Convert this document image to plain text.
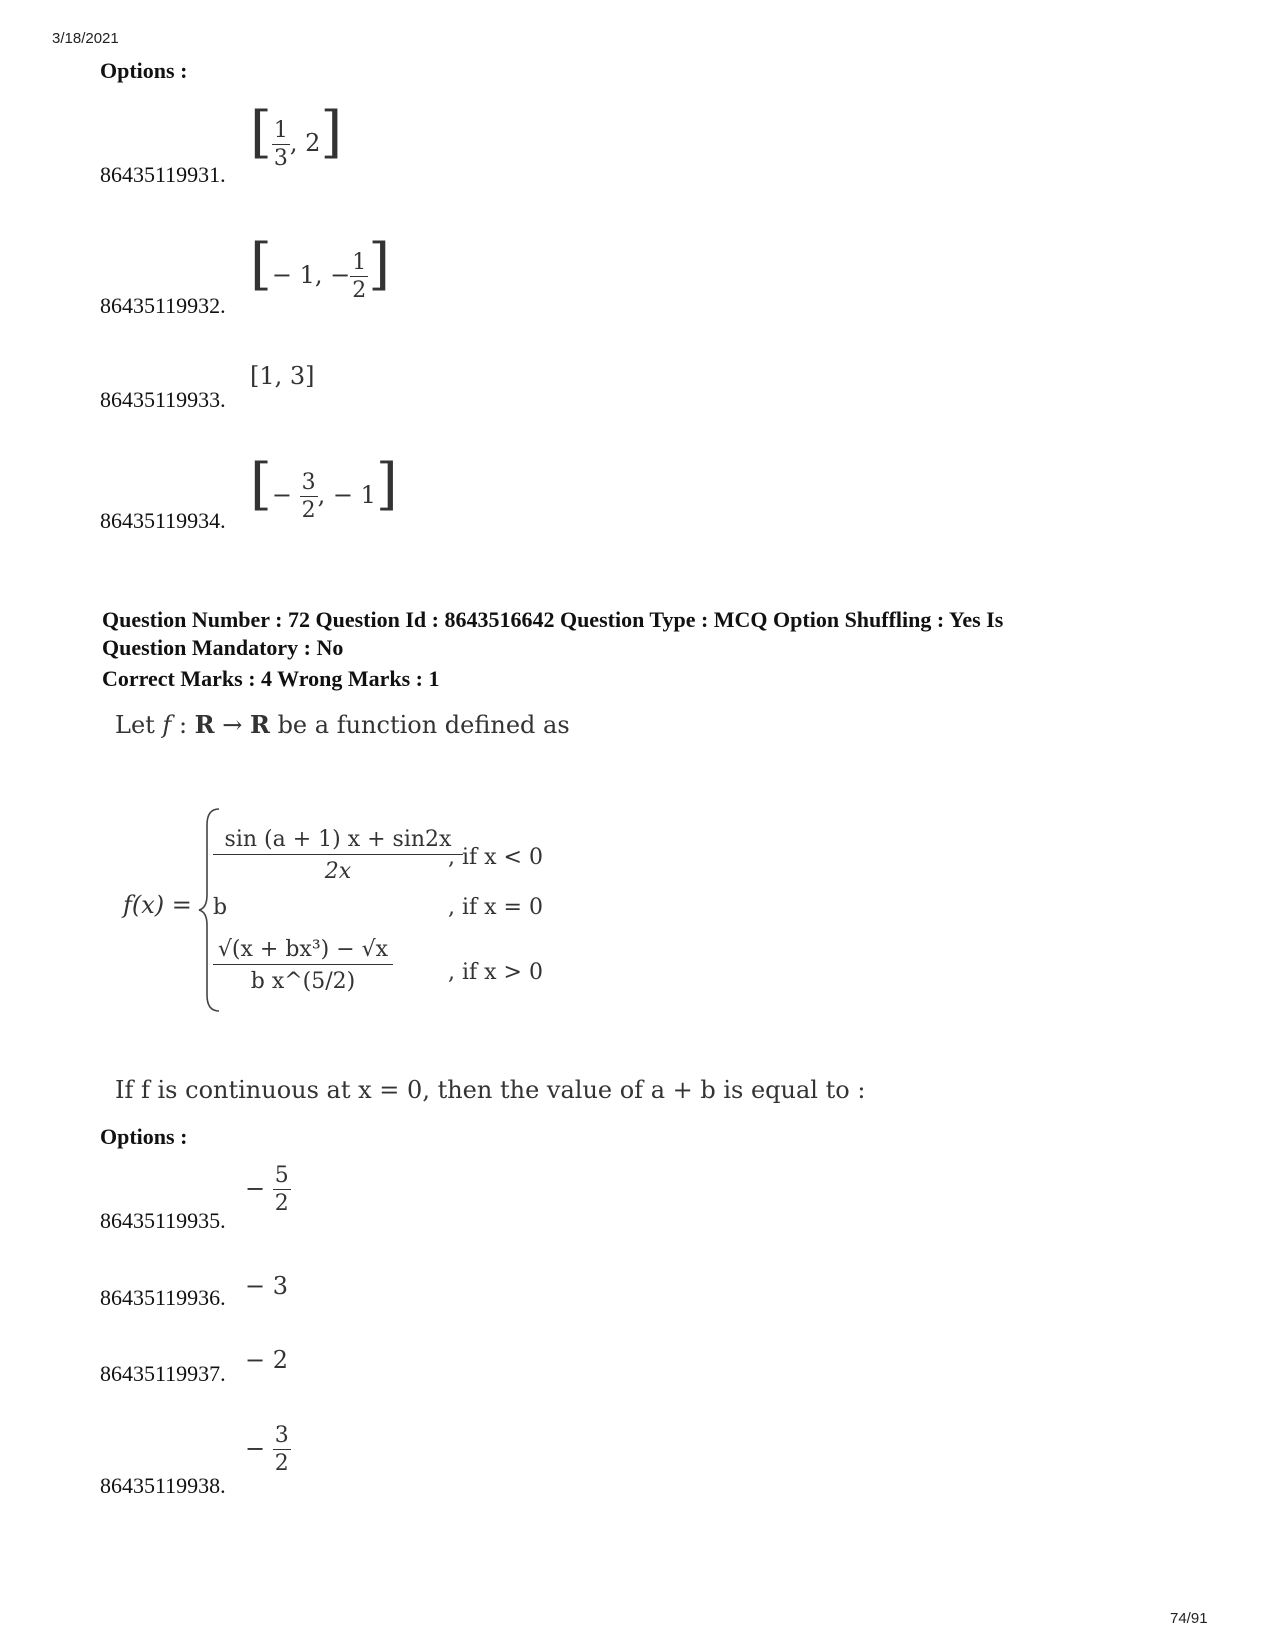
3/18/2021
Options :
86435119931.
[ $\frac{1}{3}$ , 2]
86435119932.
[− 1, − $\frac{1}{2}$ ]
86435119933.
[1, 3]
86435119934.
[− $\frac{3}{2}$ , − 1]
Question Number : 72 Question Id : 8643516642 Question Type : MCQ Option Shuffling : Yes Is
Question Mandatory : No
Correct Marks : 4 Wrong Marks : 1
Let f : R → R be a function defined as
f(x) =
$\frac{\sin (a + 1) x + \sin 2x}{2x}$
, if x < 0
b	, if x = 0
$\frac{\text{√(x + bx³) − √x}}{\text{b x\textasciicircum{}(5/2)}}$	, if x > 0
If f is continuous at x = 0, then the value of a + b is equal to :
Options :
86435119935.
− $\frac{5}{2}$
86435119936. − 3
86435119937. − 2
86435119938.
− $\frac{3}{2}$
74/91
